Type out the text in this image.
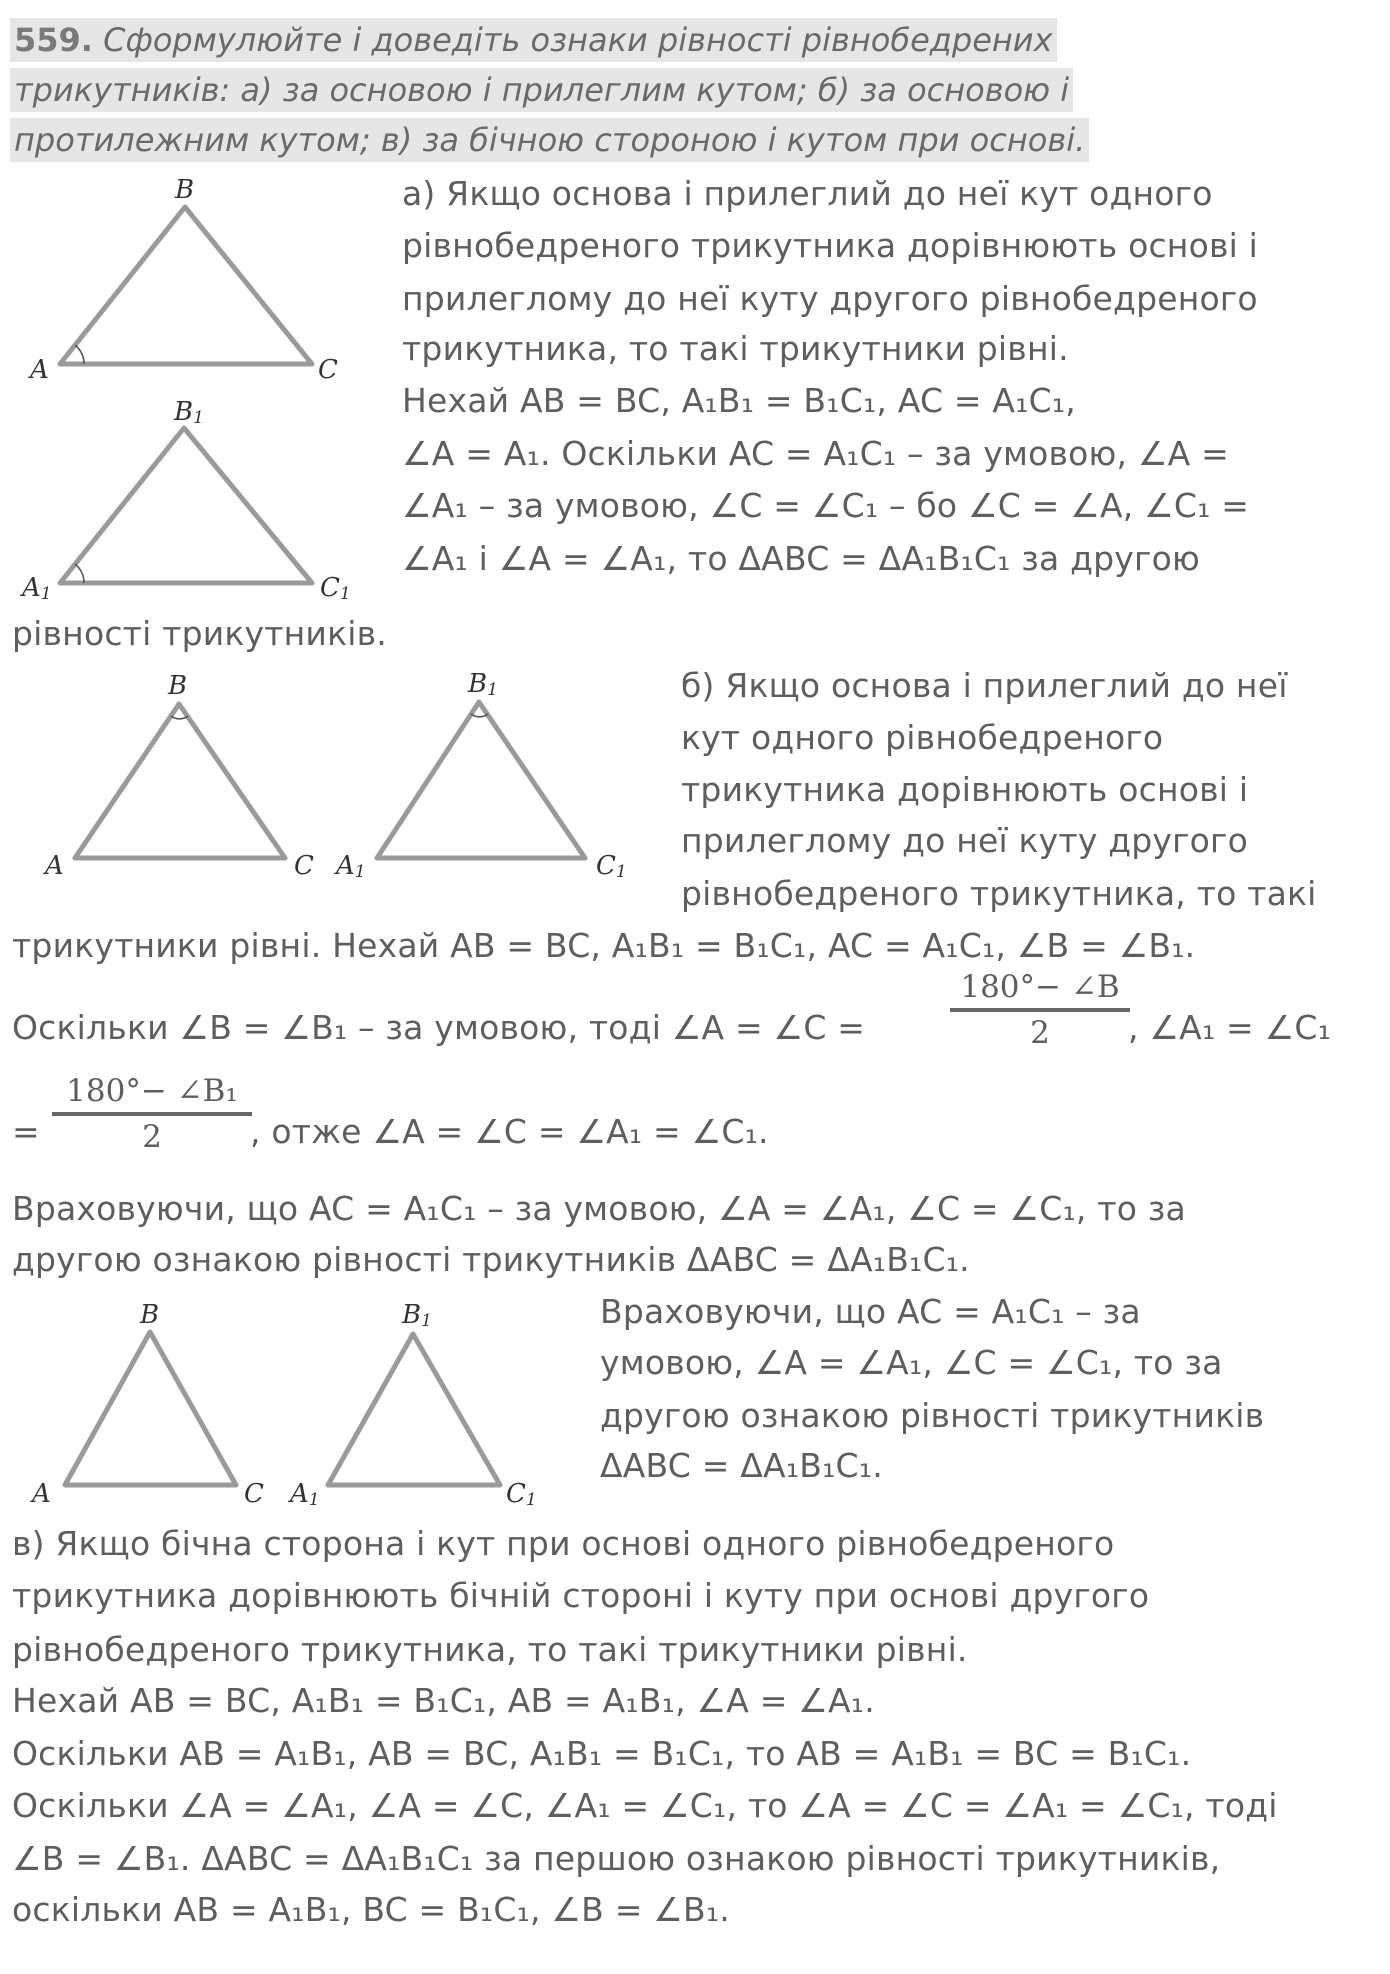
559. Сформулюйте і доведіть ознаки рівності рівнобедрених
трикутників: а) за основою і прилеглим кутом; б) за основою і
протилежним кутом; в) за бічною стороною і кутом при основі.
B
A	C
B1
A1	C1
B
A	C
B1
A1	C1
B
A	C
B1
A1	C1
а) Якщо основа і прилеглий до неї кут одного
рівнобедреного трикутника дорівнюють основі і
прилеглому до неї куту другого рівнобедреного
трикутника, то такі трикутники рівні.
Нехай AB = BC, A₁B₁ = B₁C₁, AC = A₁C₁,
∠A = A₁. Оскільки AC = A₁C₁ – за умовою, ∠A =
∠A₁ – за умовою, ∠C = ∠C₁ – бо ∠C = ∠A, ∠C₁ =
∠A₁ і ∠A = ∠A₁, то ΔABC = ΔA₁B₁C₁ за другою
рівності трикутників.
б) Якщо основа і прилеглий до неї
кут одного рівнобедреного
трикутника дорівнюють основі і
прилеглому до неї куту другого
рівнобедреного трикутника, то такі
трикутники рівні. Нехай AB = BC, A₁B₁ = B₁C₁, AC = A₁C₁, ∠B = ∠B₁.
Оскільки ∠B = ∠B₁ – за умовою, тоді ∠A = ∠C =
180°− ∠B
2	, ∠A₁ = ∠C₁
=
180°− ∠B₁
2	, отже ∠A = ∠C = ∠A₁ = ∠C₁.
Враховуючи, що AC = A₁C₁ – за умовою, ∠A = ∠A₁, ∠C = ∠C₁, то за
другою ознакою рівності трикутників ΔABC = ΔA₁B₁C₁.
Враховуючи, що AC = A₁C₁ – за
умовою, ∠A = ∠A₁, ∠C = ∠C₁, то за
другою ознакою рівності трикутників
ΔABC = ΔA₁B₁C₁.
в) Якщо бічна сторона і кут при основі одного рівнобедреного
трикутника дорівнюють бічній стороні і куту при основі другого
рівнобедреного трикутника, то такі трикутники рівні.
Нехай AB = BC, A₁B₁ = B₁C₁, AB = A₁B₁, ∠A = ∠A₁.
Оскільки AB = A₁B₁, AB = BC, A₁B₁ = B₁C₁, то AB = A₁B₁ = BC = B₁C₁.
Оскільки ∠A = ∠A₁, ∠A = ∠C, ∠A₁ = ∠C₁, то ∠A = ∠C = ∠A₁ = ∠C₁, тоді
∠B = ∠B₁. ΔABC = ΔA₁B₁C₁ за першою ознакою рівності трикутників,
оскільки AB = A₁B₁, BC = B₁C₁, ∠B = ∠B₁.
